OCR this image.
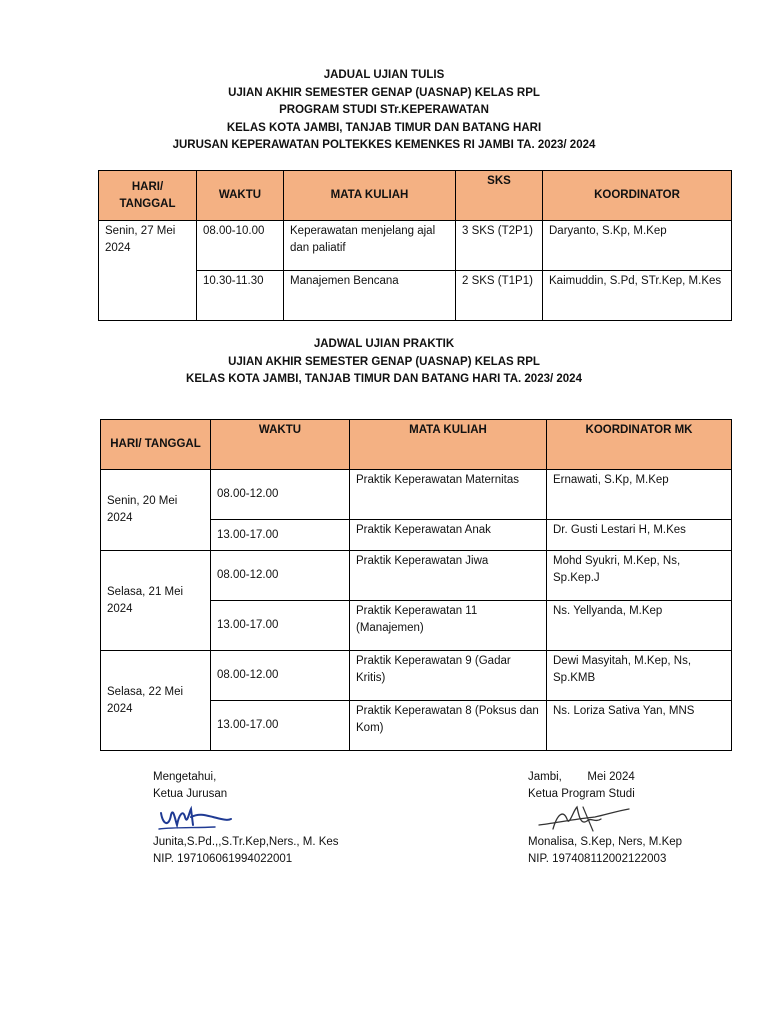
JADUAL UJIAN TULIS
UJIAN AKHIR SEMESTER GENAP (UASNAP) KELAS RPL
PROGRAM STUDI STr.KEPERAWATAN
KELAS KOTA JAMBI, TANJAB TIMUR DAN BATANG HARI
JURUSAN KEPERAWATAN POLTEKKES KEMENKES RI JAMBI TA. 2023/ 2024
HARI/ TANGGAL	WAKTU	MATA KULIAH	SKS	KOORDINATOR
Senin, 27 Mei 2024	08.00-10.00	Keperawatan menjelang ajal dan paliatif	3 SKS (T2P1)	Daryanto, S.Kp, M.Kep
	10.30-11.30	Manajemen Bencana	2 SKS (T1P1)	Kaimuddin, S.Pd, STr.Kep, M.Kes
JADWAL UJIAN PRAKTIK
UJIAN AKHIR SEMESTER GENAP (UASNAP) KELAS RPL
KELAS KOTA JAMBI, TANJAB TIMUR DAN BATANG HARI TA. 2023/ 2024
HARI/ TANGGAL	WAKTU	MATA KULIAH	KOORDINATOR MK
Senin, 20 Mei 2024	08.00-12.00	Praktik Keperawatan Maternitas	Ernawati, S.Kp, M.Kep
	13.00-17.00	Praktik Keperawatan Anak	Dr. Gusti Lestari H, M.Kes
Selasa, 21 Mei 2024	08.00-12.00	Praktik Keperawatan Jiwa	Mohd Syukri, M.Kep, Ns, Sp.Kep.J
	13.00-17.00	Praktik Keperawatan 11 (Manajemen)	Ns. Yellyanda, M.Kep
Selasa, 22 Mei 2024	08.00-12.00	Praktik Keperawatan 9 (Gadar Kritis)	Dewi Masyitah, M.Kep, Ns, Sp.KMB
	13.00-17.00	Praktik Keperawatan 8 (Poksus dan Kom)	Ns. Loriza Sativa Yan, MNS
Mengetahui,
Ketua Jurusan
Junita,S.Pd.,,S.Tr.Kep,Ners., M. Kes
NIP. 197106061994022001
Jambi,        Mei 2024
Ketua Program Studi
Monalisa, S.Kep, Ners, M.Kep
NIP. 197408112002122003
